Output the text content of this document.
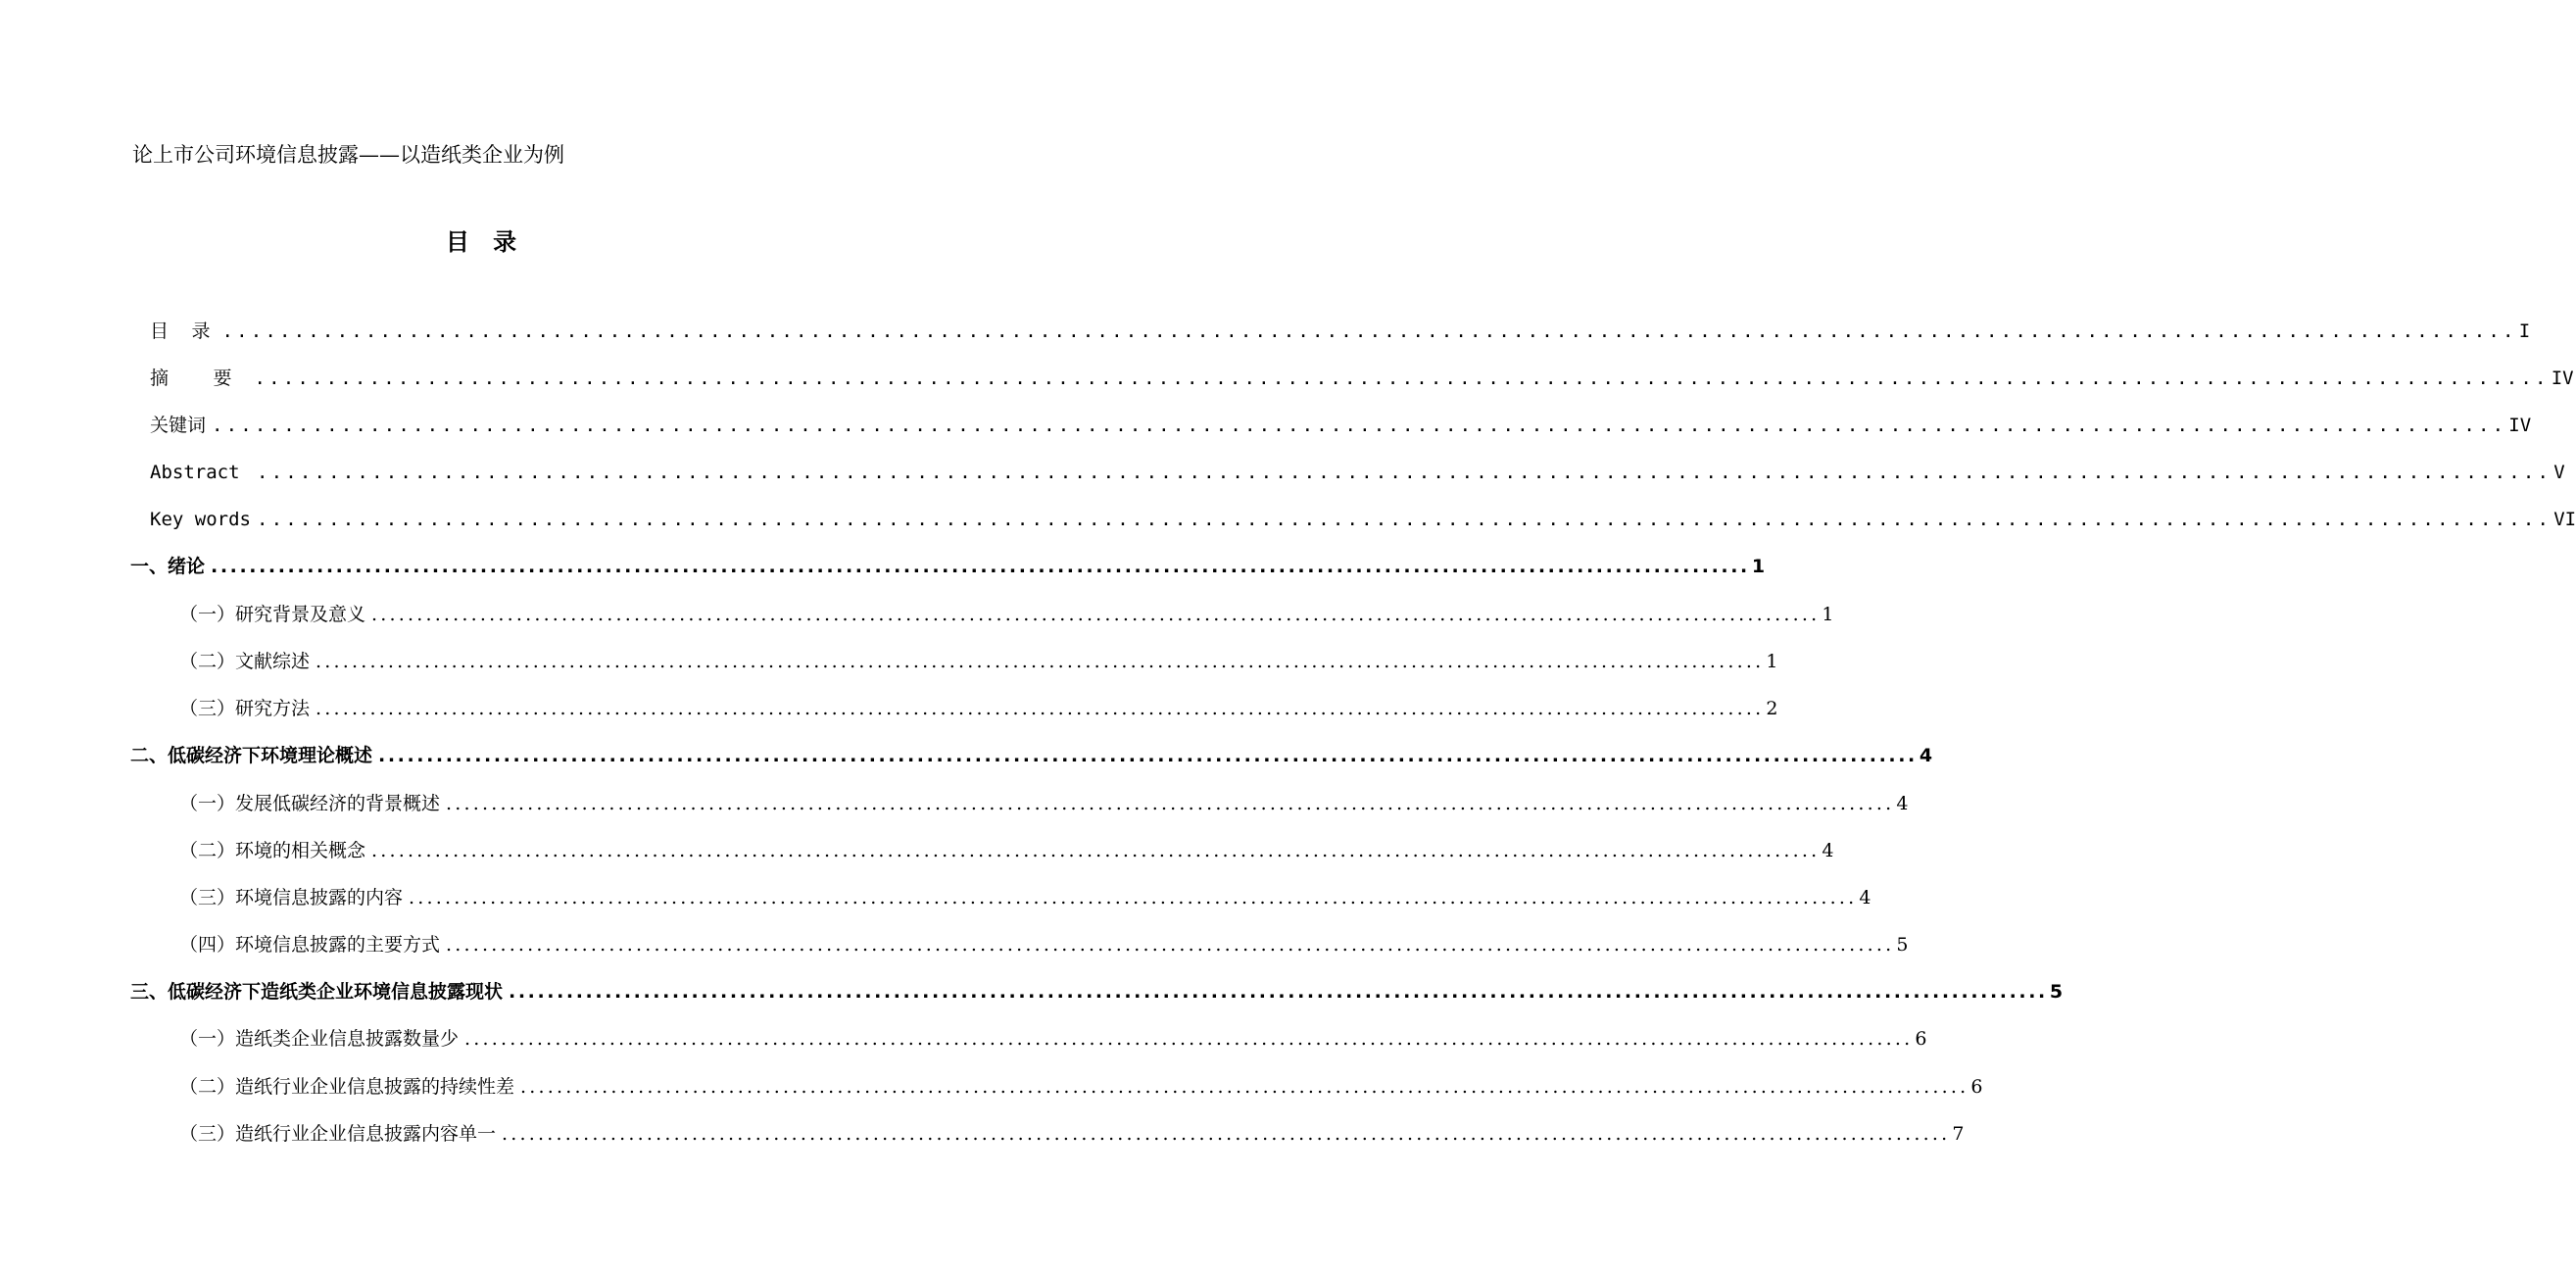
论上市公司环境信息披露——以造纸类企业为例
目 录
目 录 ................................................................................................................................................................ I
摘 要 ................................................................................................................................................................ IV
关键词 ................................................................................................................................................................ IV
Abstract ................................................................................................................................................................ V
Key words ................................................................................................................................................................ VI
一、绪论 ................................................................................................................................................................ 1
（一）研究背景及意义 ................................................................................................................................................................ 1
（二）文献综述 ................................................................................................................................................................ 1
（三）研究方法 ................................................................................................................................................................ 2
二、低碳经济下环境理论概述 ................................................................................................................................................................ 4
（一）发展低碳经济的背景概述 ................................................................................................................................................................ 4
（二）环境的相关概念 ................................................................................................................................................................ 4
（三）环境信息披露的内容 ................................................................................................................................................................ 4
（四）环境信息披露的主要方式 ................................................................................................................................................................ 5
三、低碳经济下造纸类企业环境信息披露现状 ................................................................................................................................................................ 5
（一）造纸类企业信息披露数量少 ................................................................................................................................................................ 6
（二）造纸行业企业信息披露的持续性差 ................................................................................................................................................................ 6
（三）造纸行业企业信息披露内容单一 ................................................................................................................................................................ 7
